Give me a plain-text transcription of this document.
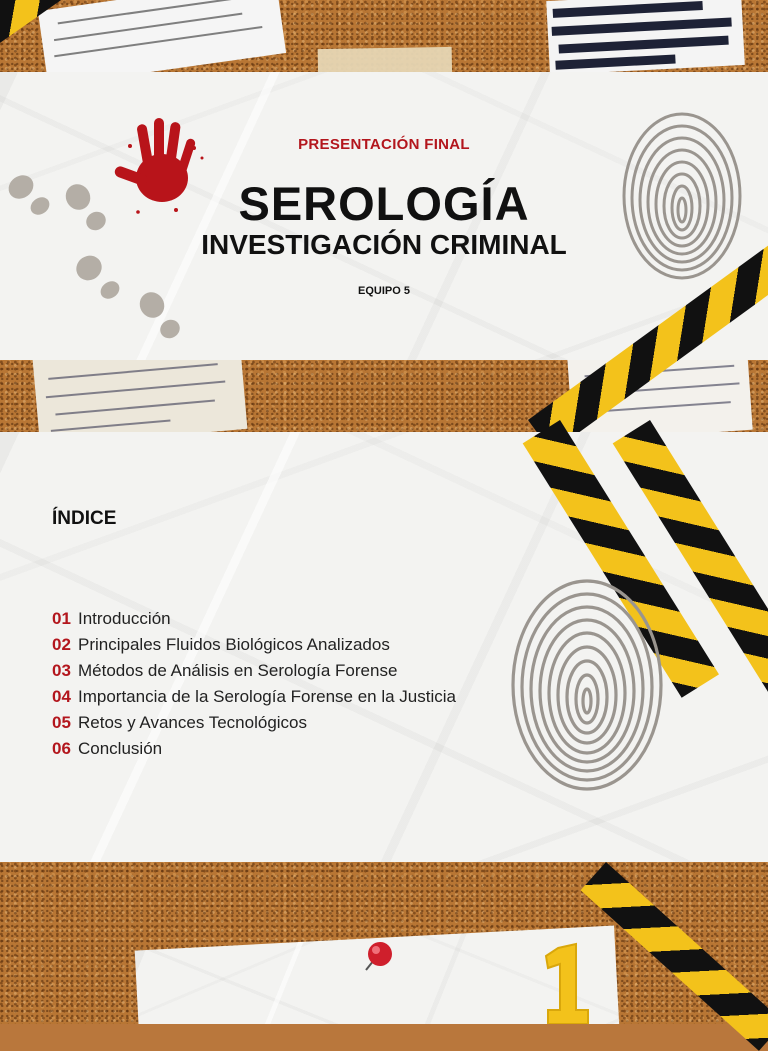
PRESENTACIÓN FINAL
SEROLOGÍA
INVESTIGACIÓN CRIMINAL
EQUIPO 5
ÍNDICE
01 Introducción
02 Principales Fluidos Biológicos Analizados
03 Métodos de Análisis en Serología Forense
04 Importancia de la Serología Forense en la Justicia
05 Retos y Avances Tecnológicos
06 Conclusión
